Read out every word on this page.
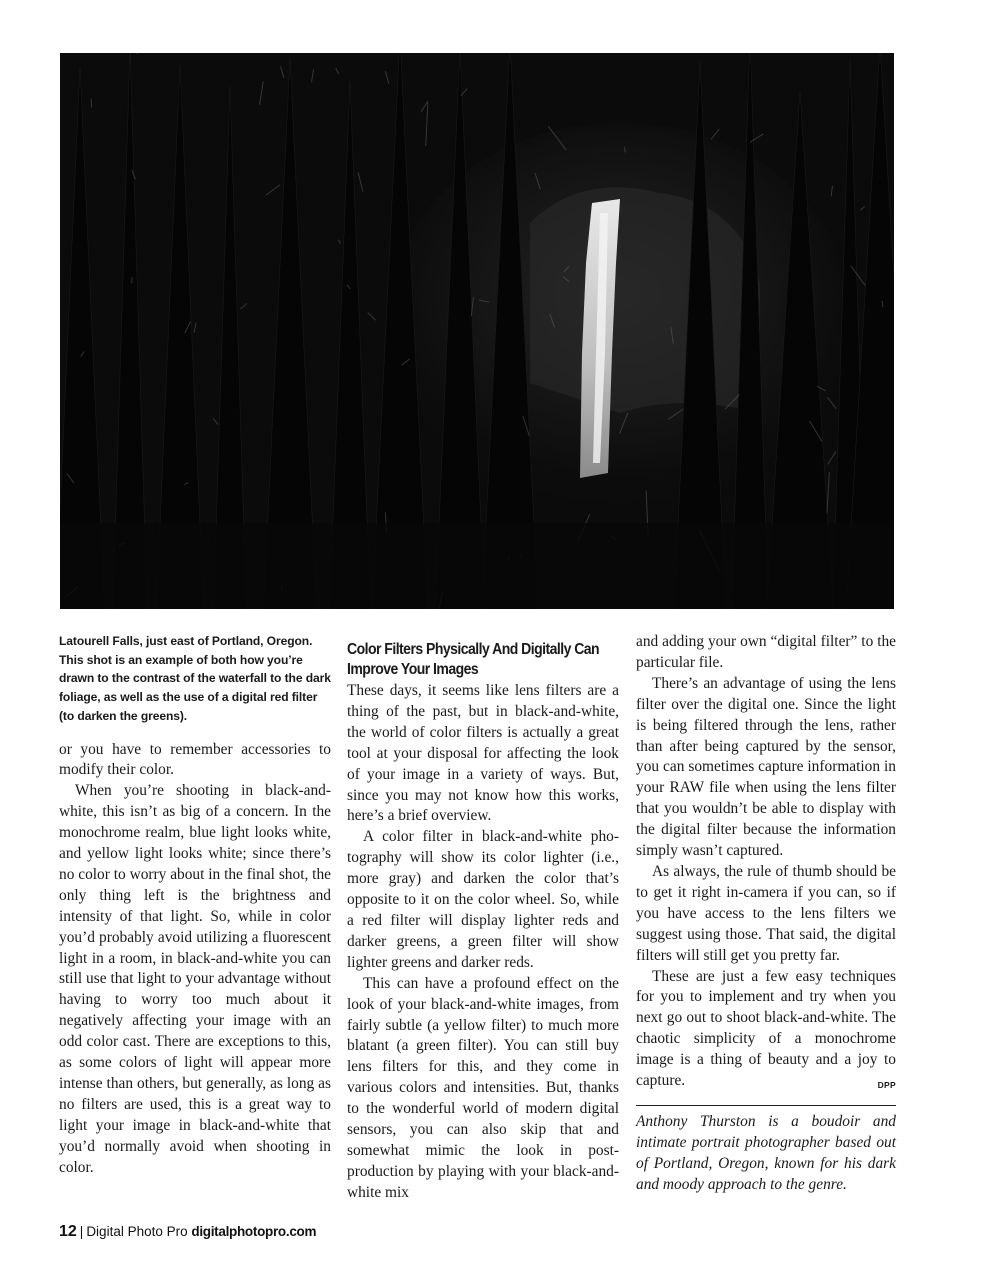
Latourell Falls, just east of Portland, Oregon. This shot is an example of both how you’re drawn to the contrast of the waterfall to the dark foliage, as well as the use of a digital red filter (to darken the greens).

or you have to remember accessories to modify their color.

When you’re shooting in black-and-white, this isn’t as big of a concern. In the monochrome realm, blue light looks white, and yellow light looks white; since there’s no color to worry about in the final shot, the only thing left is the brightness and intensity of that light. So, while in color you’d probably avoid utilizing a fluorescent light in a room, in black-and-white you can still use that light to your advantage without having to worry too much about it negatively affecting your image with an odd color cast. There are exceptions to this, as some colors of light will appear more intense than others, but generally, as long as no filters are used, this is a great way to light your image in black-and-white that you’d normally avoid when shooting in color.

Color Filters Physically And Digitally Can Improve Your Images

These days, it seems like lens filters are a thing of the past, but in black-and-white, the world of color filters is actually a great tool at your disposal for affecting the look of your image in a variety of ways. But, since you may not know how this works, here’s a brief overview.

A color filter in black-and-white photography will show its color lighter (i.e., more gray) and darken the color that’s opposite to it on the color wheel. So, while a red filter will display lighter reds and darker greens, a green filter will show lighter greens and darker reds.

This can have a profound effect on the look of your black-and-white images, from fairly subtle (a yellow filter) to much more blatant (a green filter). You can still buy lens filters for this, and they come in various colors and intensities. But, thanks to the wonderful world of modern digital sensors, you can also skip that and somewhat mimic the look in post-production by playing with your black-and-white mix

and adding your own “digital filter” to the particular file.

There’s an advantage of using the lens filter over the digital one. Since the light is being filtered through the lens, rather than after being captured by the sensor, you can sometimes capture information in your RAW file when using the lens filter that you wouldn’t be able to display with the digital filter because the information simply wasn’t captured.

As always, the rule of thumb should be to get it right in-camera if you can, so if you have access to the lens filters we suggest using those. That said, the digital filters will still get you pretty far.

These are just a few easy techniques for you to implement and try when you next go out to shoot black-and-white. The chaotic simplicity of a monochrome image is a thing of beauty and a joy to capture.	DPP

Anthony Thurston is a boudoir and intimate portrait photographer based out of Portland, Oregon, known for his dark and moody approach to the genre.

12 | Digital Photo Pro digitalphotopro.com
